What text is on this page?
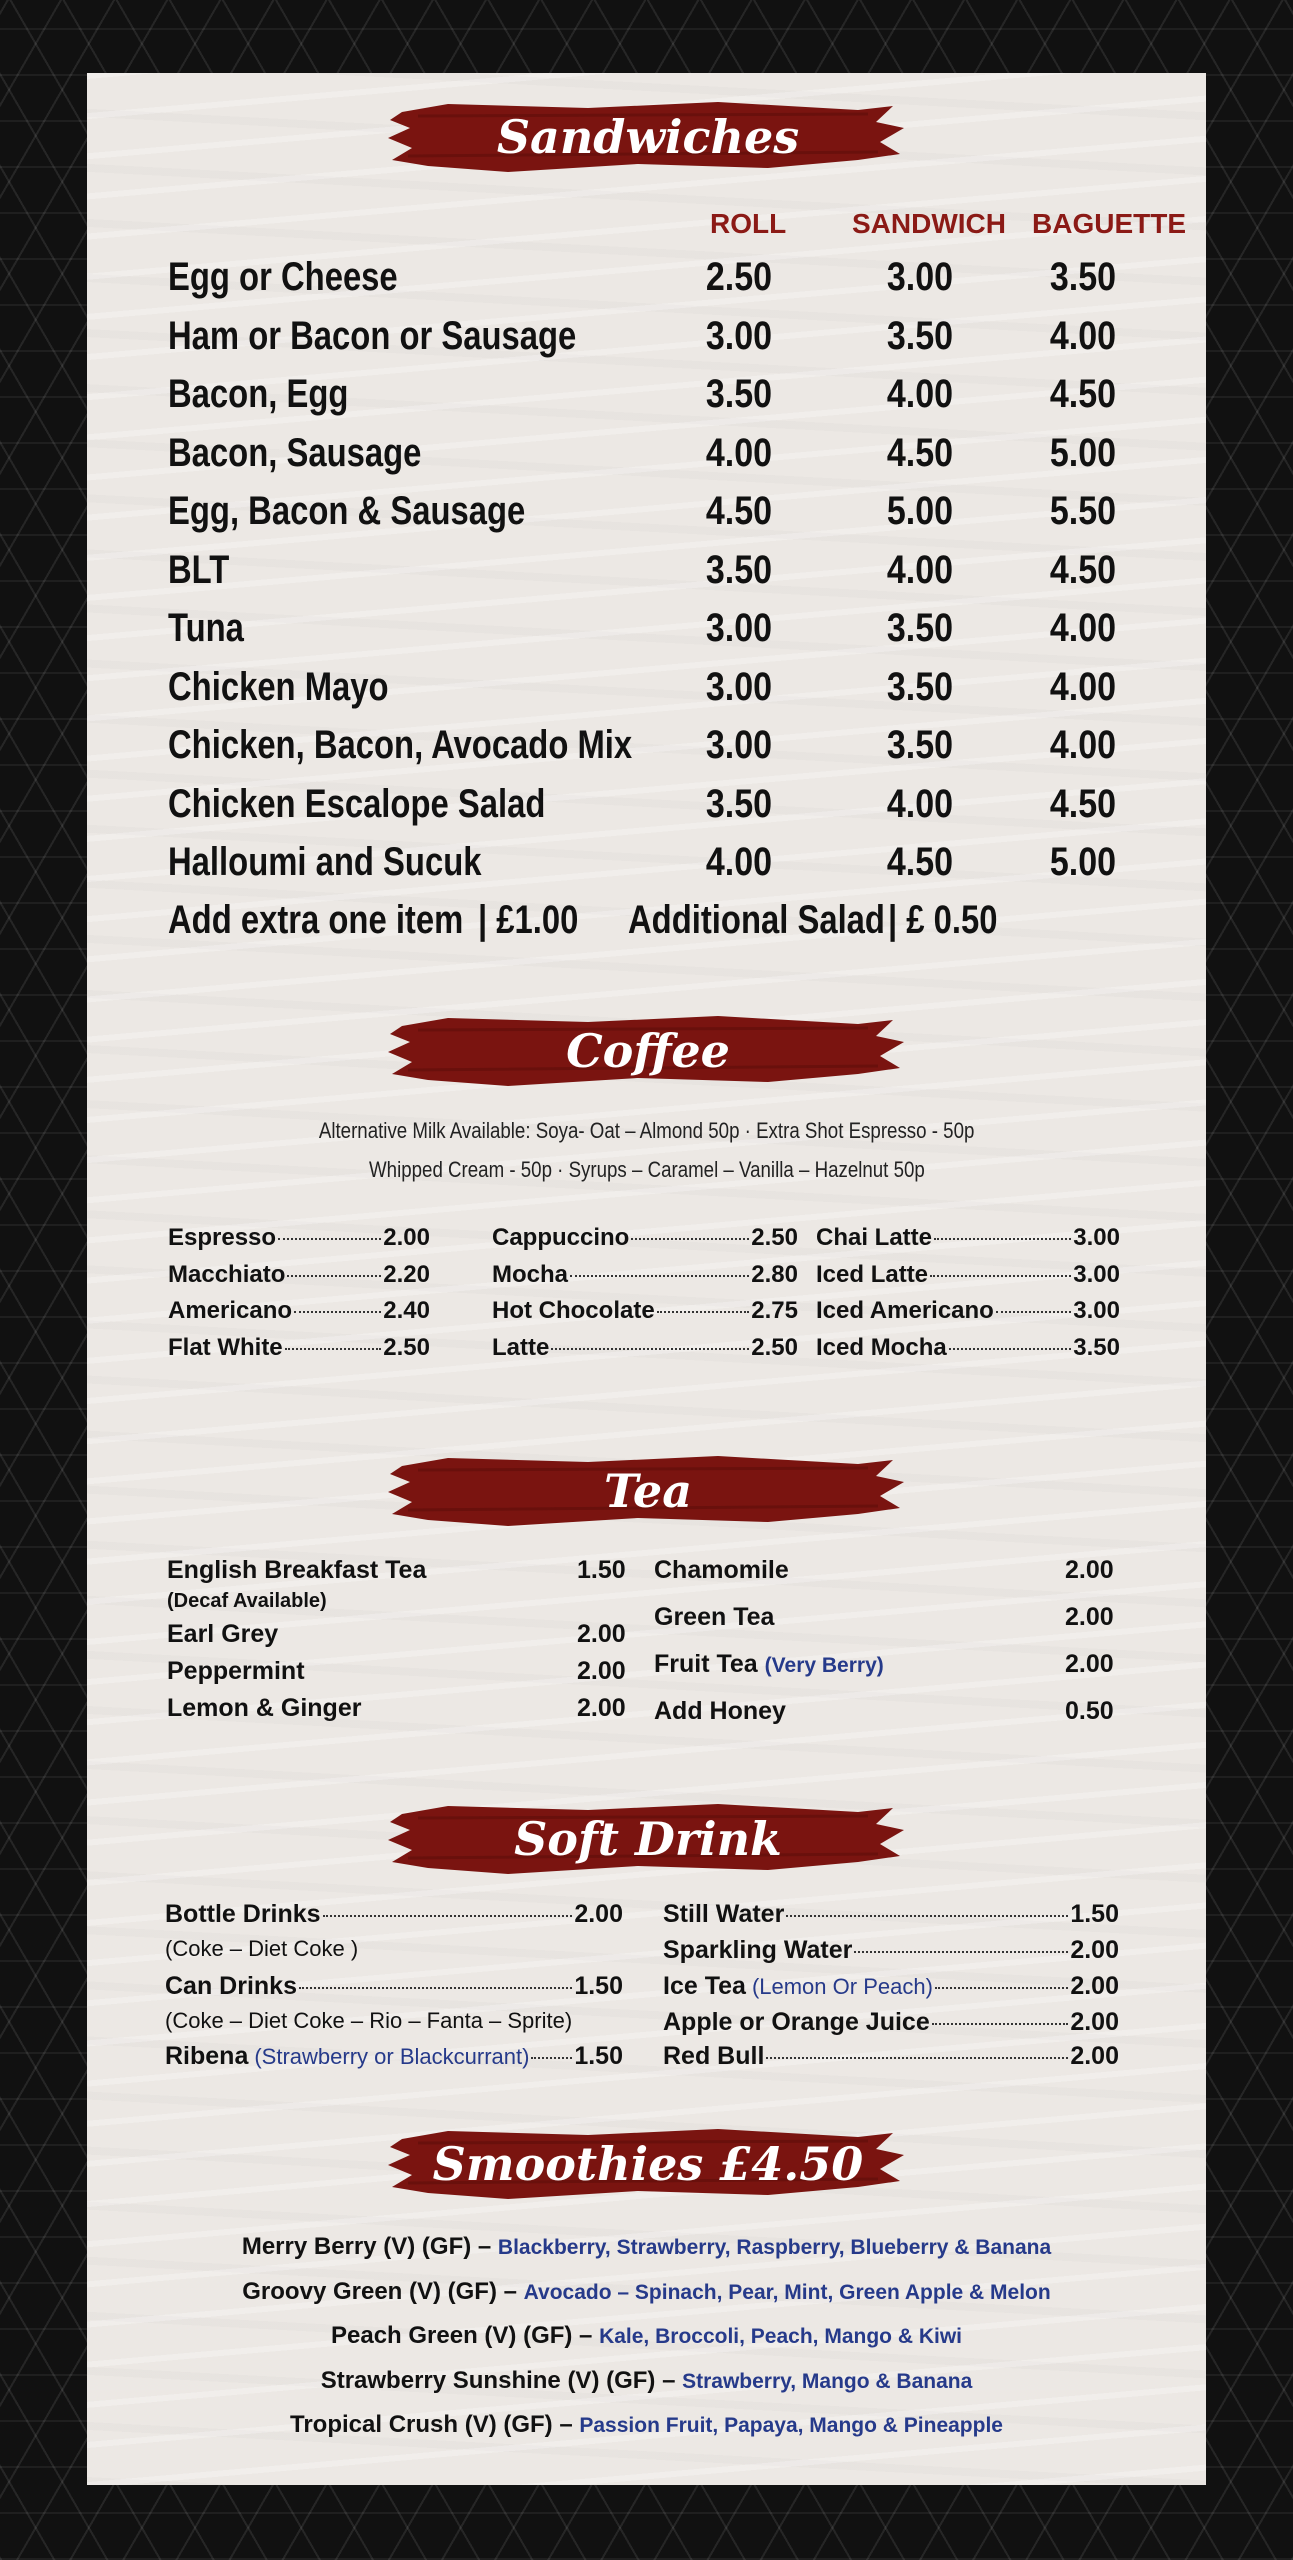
Sandwiches
Coffee
Tea
Soft Drink
Smoothies £4.50
ROLL SANDWICH BAGUETTE
Egg or Cheese	2.50	3.00 3.50
Ham or Bacon or Sausage	3.00	3.50 4.00
Bacon, Egg	3.50	4.00 4.50
Bacon, Sausage	4.00	4.50 5.00
Egg, Bacon & Sausage	4.50	5.00 5.50
BLT	3.50	4.00 4.50
Tuna	3.00	3.50 4.00
Chicken Mayo	3.00	3.50 4.00
Chicken, Bacon, Avocado Mix	3.00	3.50 4.00
Chicken Escalope Salad	3.50	4.00 4.50
Halloumi and Sucuk	4.00	4.50 5.00
Add extra one item | £1.00	Additional Salad | £ 0.50
Alternative Milk Available: Soya- Oat – Almond 50p · Extra Shot Espresso - 50p
Whipped Cream - 50p · Syrups – Caramel – Vanilla – Hazelnut 50p
Espresso	2.00
Macchiato	2.20
Americano	2.40
Flat White	2.50
Cappuccino	2.50
Mocha	2.80
Hot Chocolate	2.75
Latte	2.50
Chai Latte	3.00
Iced Latte	3.00
Iced Americano	3.00
Iced Mocha	3.50
English Breakfast Tea	1.50
(Decaf Available)
Earl Grey	2.00
Peppermint	2.00
Lemon & Ginger	2.00
Chamomile	2.00
Green Tea	2.00
Fruit Tea (Very Berry)	2.00
Add Honey	0.50
Bottle Drinks	2.00
(Coke – Diet Coke )
Can Drinks	1.50
(Coke – Diet Coke – Rio – Fanta – Sprite)
Ribena (Strawberry or Blackcurrant) 1.50
Still Water	1.50
Sparkling Water	2.00
Ice Tea (Lemon Or Peach)	2.00
Apple or Orange Juice	2.00
Red Bull	2.00
Merry Berry (V) (GF) – Blackberry, Strawberry, Raspberry, Blueberry & Banana
Groovy Green (V) (GF) – Avocado – Spinach, Pear, Mint, Green Apple & Melon
Peach Green (V) (GF) – Kale, Broccoli, Peach, Mango & Kiwi
Strawberry Sunshine (V) (GF) – Strawberry, Mango & Banana
Tropical Crush (V) (GF) – Passion Fruit, Papaya, Mango & Pineapple
